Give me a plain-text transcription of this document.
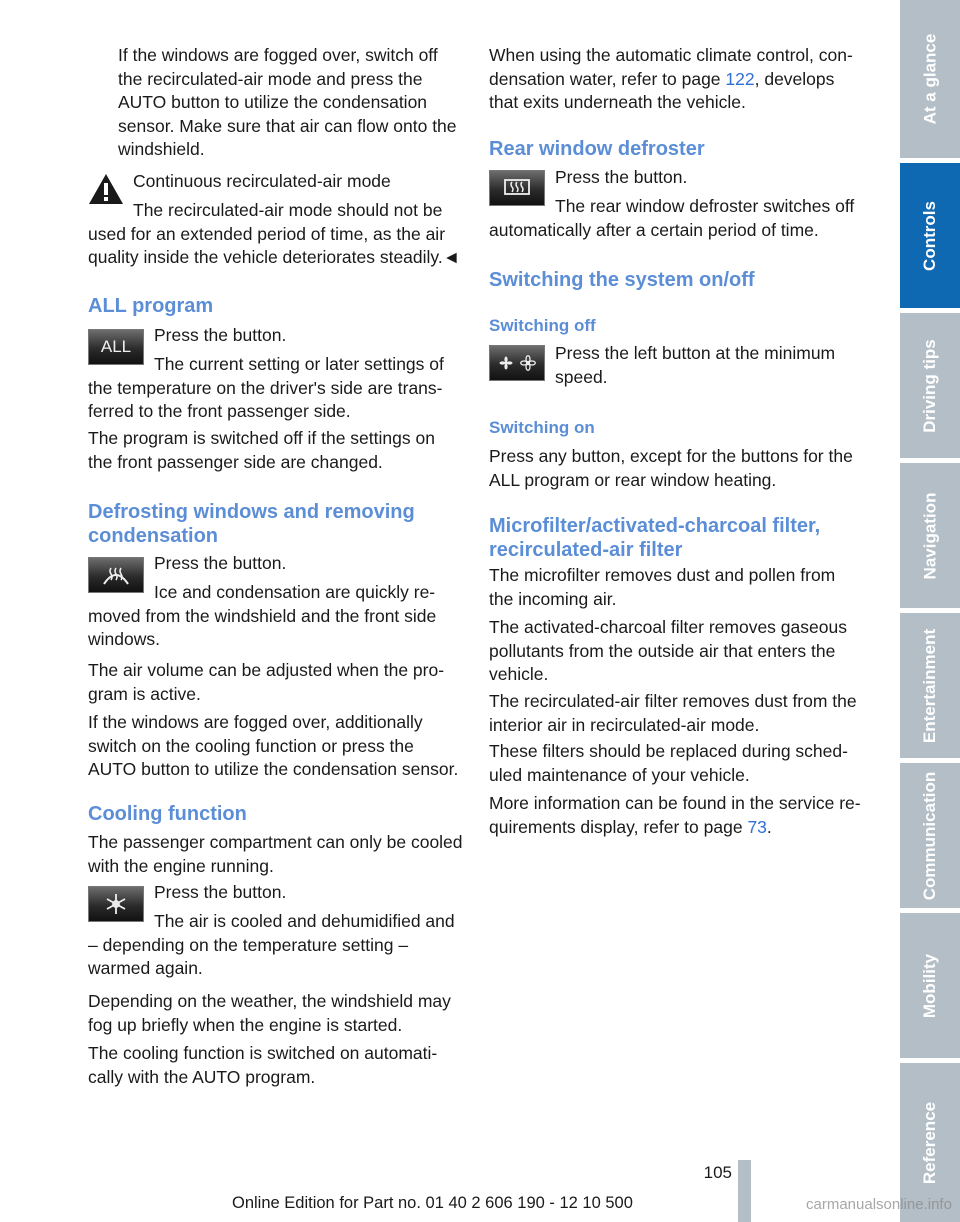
If the windows are fogged over, switch off the recirculated-air mode and press the AUTO button to utilize the condensation sensor. Make sure that air can flow onto the windshield.

Continuous recirculated-air mode

The recirculated-air mode should not be used for an extended period of time, as the air quality inside the vehicle deteriorates steadily.◄

ALL program
ALL

Press the button.

The current setting or later settings of the temperature on the driver's side are trans-ferred to the front passenger side.

The program is switched off if the settings on the front passenger side are changed.

Defrosting windows and removing condensation

Press the button.

Ice and condensation are quickly re-moved from the windshield and the front side windows.

The air volume can be adjusted when the pro-gram is active.

If the windows are fogged over, additionally switch on the cooling function or press the AUTO button to utilize the condensation sensor.

Cooling function

The passenger compartment can only be cooled with the engine running.

Press the button.

The air is cooled and dehumidified and – depending on the temperature setting – warmed again.

Depending on the weather, the windshield may fog up briefly when the engine is started.

The cooling function is switched on automati-cally with the AUTO program.

When using the automatic climate control, con-densation water, refer to page 122, develops that exits underneath the vehicle.

Rear window defroster

Press the button.

The rear window defroster switches off automatically after a certain period of time.

Switching the system on/off
Switching off

Press the left button at the minimum speed.

Switching on

Press any button, except for the buttons for the ALL program or rear window heating.

Microfilter/activated-charcoal filter, recirculated-air filter

The microfilter removes dust and pollen from the incoming air.

The activated-charcoal filter removes gaseous pollutants from the outside air that enters the vehicle.

The recirculated-air filter removes dust from the interior air in recirculated-air mode.

These filters should be replaced during sched-uled maintenance of your vehicle.

More information can be found in the service re-quirements display, refer to page 73.

At a glance
Controls
Driving tips
Navigation
Entertainment
Communication
Mobility
Reference
105
Online Edition for Part no. 01 40 2 606 190 - 12 10 500	carmanualsonline.info
